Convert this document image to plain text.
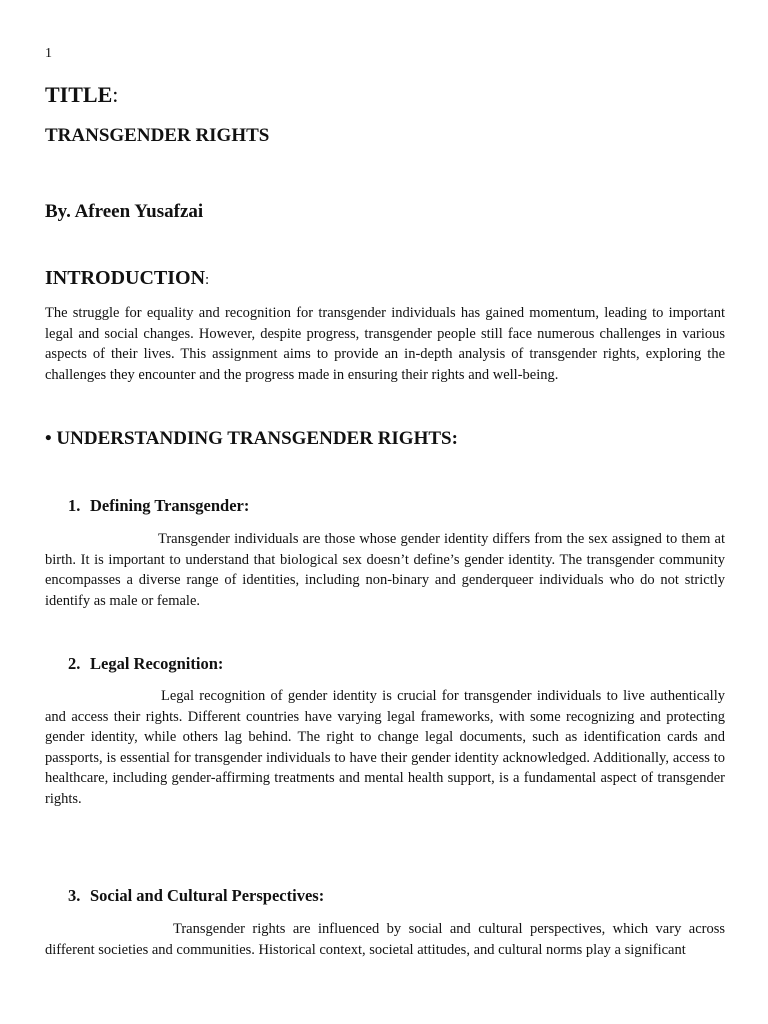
1

TITLE:
TRANSGENDER RIGHTS
By. Afreen Yusafzai
INTRODUCTION:

The struggle for equality and recognition for transgender individuals has gained momentum, leading to important legal and social changes. However, despite progress, transgender people still face numerous challenges in various aspects of their lives. This assignment aims to provide an in-depth analysis of transgender rights, exploring the challenges they encounter and the progress made in ensuring their rights and well-being.

• UNDERSTANDING TRANSGENDER RIGHTS:
1. Defining Transgender:

Transgender individuals are those whose gender identity differs from the sex assigned to them at birth. It is important to understand that biological sex doesn’t define’s gender identity. The transgender community encompasses a diverse range of identities, including non-binary and genderqueer individuals who do not strictly identify as male or female.

2. Legal Recognition:

Legal recognition of gender identity is crucial for transgender individuals to live authentically and access their rights. Different countries have varying legal frameworks, with some recognizing and protecting gender identity, while others lag behind. The right to change legal documents, such as identification cards and passports, is essential for transgender individuals to have their gender identity acknowledged. Additionally, access to healthcare, including gender-affirming treatments and mental health support, is a fundamental aspect of transgender rights.

3. Social and Cultural Perspectives:

Transgender rights are influenced by social and cultural perspectives, which vary across different societies and communities. Historical context, societal attitudes, and cultural norms play a significant
